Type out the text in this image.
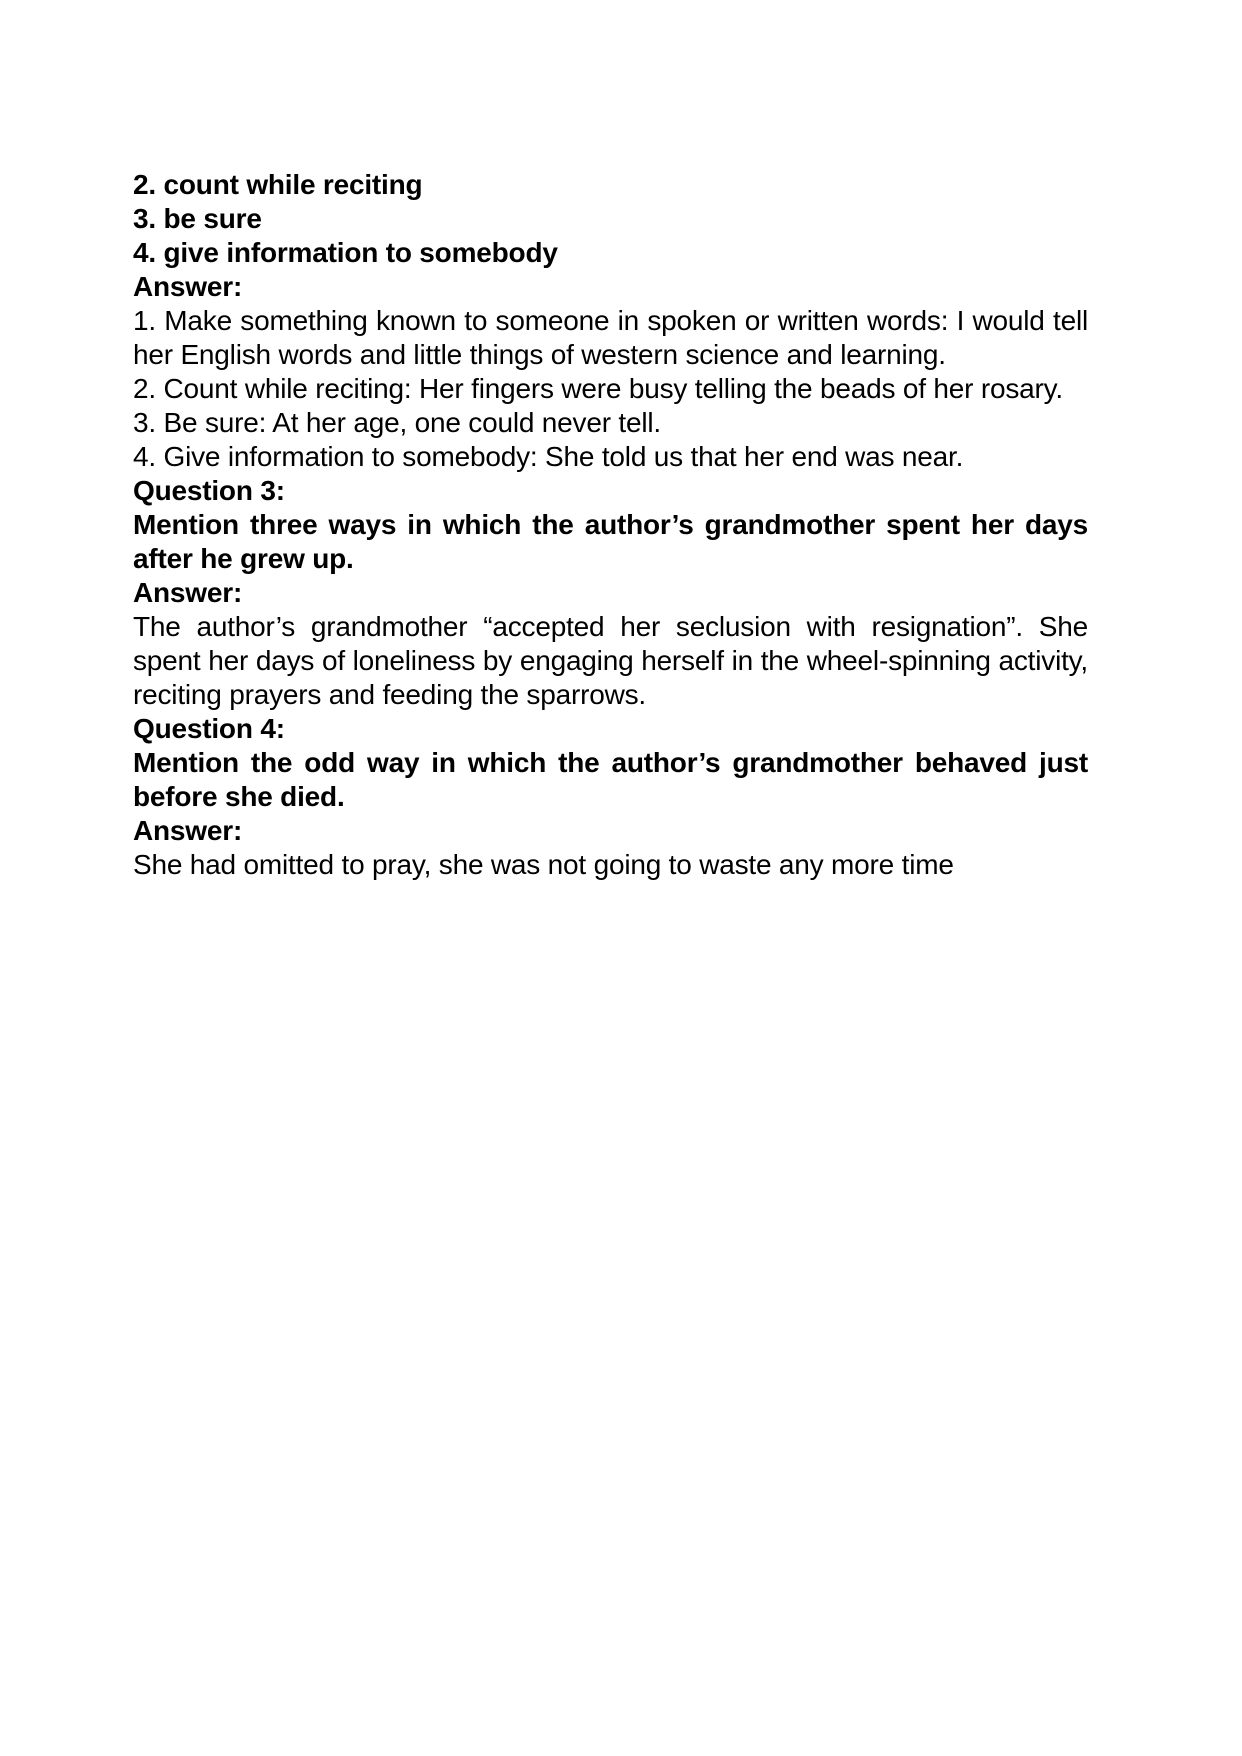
2. count while reciting

3. be sure

4. give information to somebody

Answer:

1. Make something known to someone in spoken or written words: I would tell her English words and little things of western science and learning.

2. Count while reciting: Her fingers were busy telling the beads of her rosary.

3. Be sure: At her age, one could never tell.

4. Give information to somebody: She told us that her end was near.

Question 3:

Mention three ways in which the author’s grandmother spent her days after he grew up.

Answer:

The author’s grandmother “accepted her seclusion with resignation”. She spent her days of loneliness by engaging herself in the wheel-spinning activity, reciting prayers and feeding the sparrows.

Question 4:

Mention the odd way in which the author’s grandmother behaved just before she died.

Answer:

She had omitted to pray, she was not going to waste any more time
